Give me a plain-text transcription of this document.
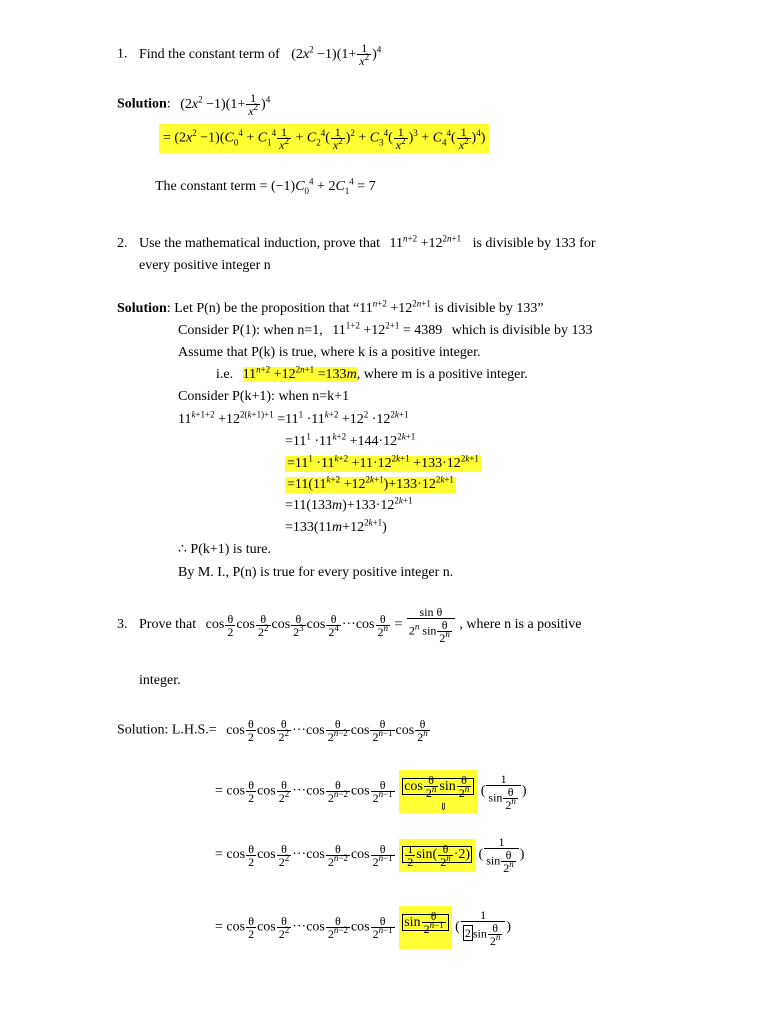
1. Find the constant term of $(2x^2 -1)(1+ \frac{1}{x^2} )^4$
Solution: $(2x^2 -1)(1+ \frac{1}{x^2} )^4$
= $(2x^2 -1)(C_0^4 + C_1^4 \frac{1}{x^2} + C_2^4( \frac{1}{x^2} )^2 + C_3^4( \frac{1}{x^2} )^3 + C_4^4( \frac{1}{x^2} )^4)$
The constant term = $(-1)C_0^4 + 2C_1^4 = 7$
2. Use the mathematical induction, prove that $11^{n+2} +12^{2n+1}$ is divisible by 133 for
every positive integer n
Solution: Let P(n) be the proposition that “$11^{n+2} +12^{2n+1}$ is divisible by 133”
Consider P(1): when n=1, $11^{1+2} +12^{2+1} = 4389$ which is divisible by 133
Assume that P(k) is true, where k is a positive integer.
i.e. $11^{n+2} +12^{2n+1} =133m$, where m is a positive integer.
Consider P(k+1): when n=k+1
$11^{k+1+2} +12^{2(k+1)+1} =11^1 \cdot 11^{k+2} +12^2 \cdot 12^{2k+1}$
$=11^1 \cdot 11^{k+2} +144\cdot 12^{2k+1}$
$=11^1 \cdot 11^{k+2} +11\cdot 12^{2k+1} +133\cdot 12^{2k+1}$
$=11(11^{k+2} +12^{2k+1})+133\cdot 12^{2k+1}$
$=11(133m)+133\cdot 12^{2k+1}$
$=133(11m+12^{2k+1})$
∴ P(k+1) is ture.
By M. I., P(n) is true for every positive integer n.
3. Prove that $\cos \frac{\theta}{2}$ $\cos \frac{\theta}{2^2}$ $\cos \frac{\theta}{2^3}$ $\cos \frac{\theta}{2^4} \cdot\cdot\cdot\cos \frac{\theta}{2^n} = \frac{\text{sin θ}}{2^n \sin \frac{\theta}{2^n}}$ , where n is a positive
integer.
Solution: $L.H.S.= \cos \frac{\theta}{2}$ $\cos \frac{\theta}{2^2} \cdot\cdot\cdot\cos \frac{\theta}{2^{n-2}}$ $\cos \frac{\theta}{2^{n-1}}$ $\cos \frac{\theta}{2^n}$
= $\cos \frac{\theta}{2}$ $\cos \frac{\theta}{2^2} \cdot\cdot\cdot\cos \frac{\theta}{2^{n-2}}$ $\cos \frac{\theta}{2^{n-1}}$ $\cos \frac{\theta}{2^n}$ $\sin \frac{\theta}{2^n}$
⇓
( $\frac{1}{\sin \frac{\theta}{2^n}}$ )
= $\cos \frac{\theta}{2}$ $\cos \frac{\theta}{2^2} \cdot\cdot\cdot\cos \frac{\theta}{2^{n-2}}$ $\cos \frac{\theta}{2^{n-1}}$
$\frac{1}{2} \sin( \frac{\theta}{2^n} \cdot 2)$ ( $\frac{1}{\sin \frac{\theta}{2^n}}$ )
= $\cos \frac{\theta}{2}$ $\cos \frac{\theta}{2^2} \cdot\cdot\cdot\cos \frac{\theta}{2^{n-2}}$ $\cos \frac{\theta}{2^{n-1}}$ $\sin \frac{\theta}{2^{n-1}}$ ( $\frac{1}{2 \sin \frac{\theta}{2^n}}$ )
